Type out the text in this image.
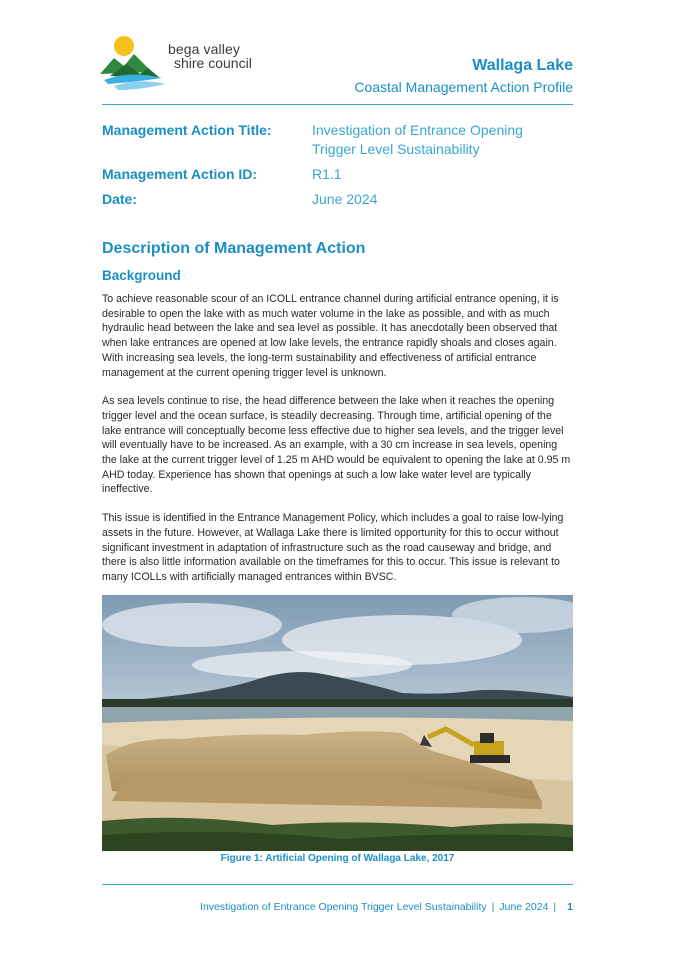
bega valley
shire council	Wallaga Lake
Coastal Management Action Profile
Management Action Title:	Investigation of Entrance Opening Trigger Level Sustainability
Management Action ID:	R1.1
Date:	June 2024
Description of Management Action
Background

To achieve reasonable scour of an ICOLL entrance channel during artificial entrance opening, it is desirable to open the lake with as much water volume in the lake as possible, and with as much hydraulic head between the lake and sea level as possible. It has anecdotally been observed that when lake entrances are opened at low lake levels, the entrance rapidly shoals and closes again. With increasing sea levels, the long-term sustainability and effectiveness of artificial entrance management at the current opening trigger level is unknown.

As sea levels continue to rise, the head difference between the lake when it reaches the opening trigger level and the ocean surface, is steadily decreasing. Through time, artificial opening of the lake entrance will conceptually become less effective due to higher sea levels, and the trigger level will eventually have to be increased. As an example, with a 30 cm increase in sea levels, opening the lake at the current trigger level of 1.25 m AHD would be equivalent to opening the lake at 0.95 m AHD today. Experience has shown that openings at such a low lake water level are typically ineffective.

This issue is identified in the Entrance Management Policy, which includes a goal to raise low-lying assets in the future. However, at Wallaga Lake there is limited opportunity for this to occur without significant investment in adaptation of infrastructure such as the road causeway and bridge, and there is also little information available on the timeframes for this to occur. This issue is relevant to many ICOLLs with artificially managed entrances within BVSC.

Figure 1: Artificial Opening of Wallaga Lake, 2017
Investigation of Entrance Opening Trigger Level Sustainability | June 2024 | 1
